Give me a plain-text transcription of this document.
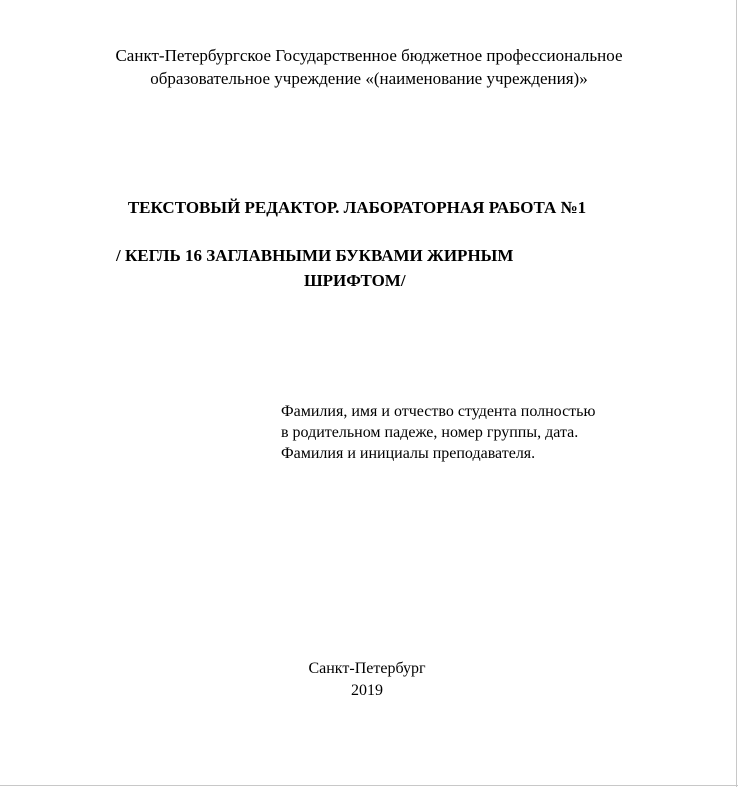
Санкт-Петербургское Государственное бюджетное профессиональное
образовательное учреждение «(наименование учреждения)»
ТЕКСТОВЫЙ РЕДАКТОР. ЛАБОРАТОРНАЯ РАБОТА №1
/ КЕГЛЬ 16 ЗАГЛАВНЫМИ БУКВАМИ ЖИРНЫМ
ШРИФТОМ/
Фамилия, имя и отчество студента полностью
в родительном падеже, номер группы, дата.
Фамилия и инициалы преподавателя.
Санкт-Петербург
2019
